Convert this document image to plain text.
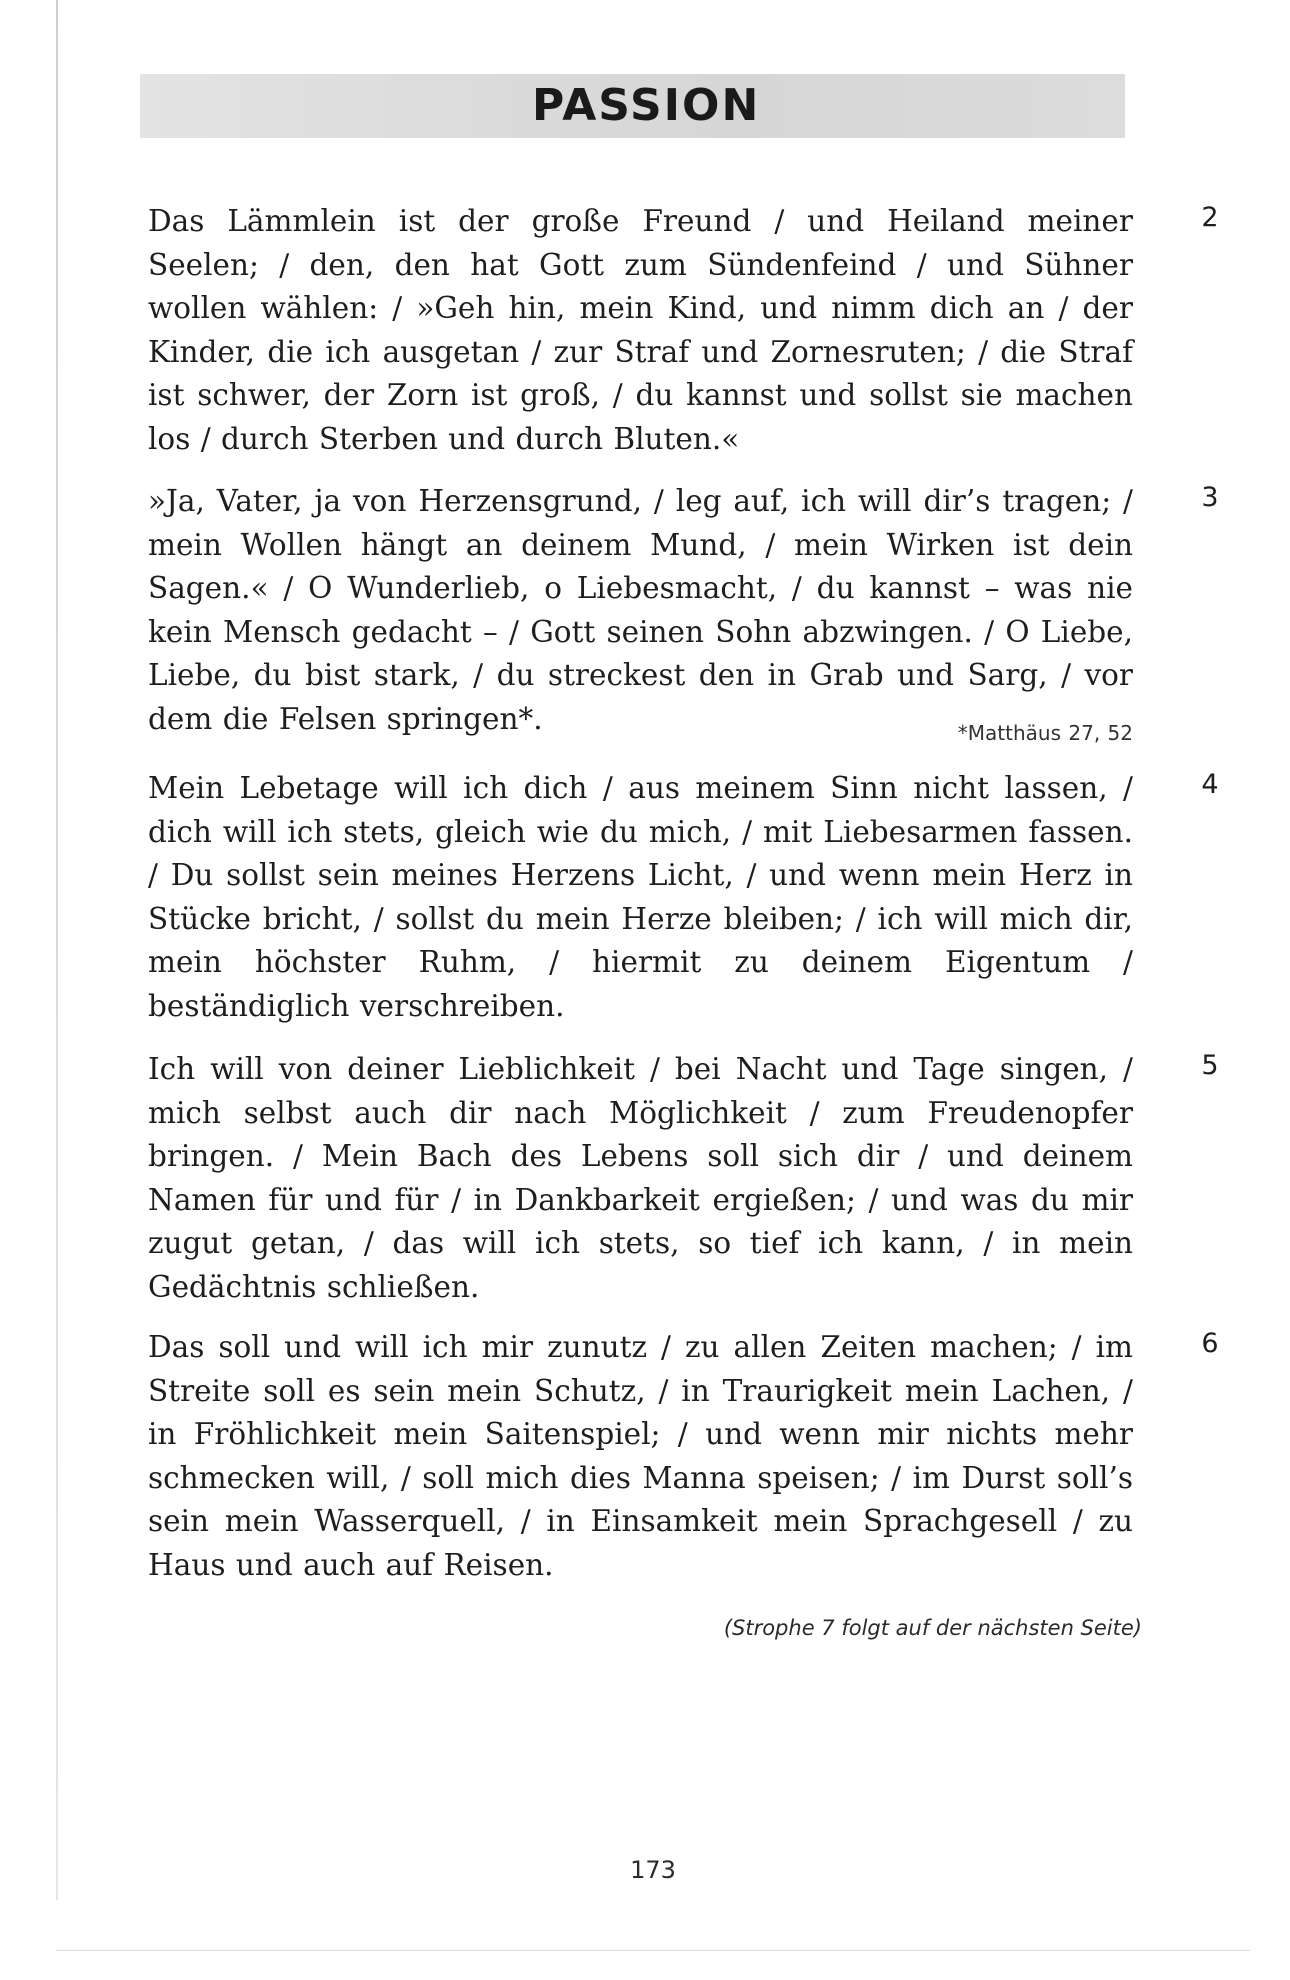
PASSION
Das Lämmlein ist der große Freund / und Heiland meiner Seelen; / den, den hat Gott zum Sündenfeind / und Sühner wollen wählen: / »Geh hin, mein Kind, und nimm dich an / der Kinder, die ich ausgetan / zur Straf und Zornesruten; / die Straf ist schwer, der Zorn ist groß, / du kannst und sollst sie machen los / durch Sterben und durch Bluten.«
2
»Ja, Vater, ja von Herzensgrund, / leg auf, ich will dir’s tragen; / mein Wollen hängt an deinem Mund, / mein Wirken ist dein Sagen.« / O Wunderlieb, o Liebesmacht, / du kannst – was nie kein Mensch gedacht – / Gott seinen Sohn abzwingen. / O Liebe, Liebe, du bist stark, / du streckest den in Grab und Sarg, / vor dem die Felsen springen*.	*Matthäus 27, 52
3
Mein Lebetage will ich dich / aus meinem Sinn nicht lassen, / dich will ich stets, gleich wie du mich, / mit Liebesarmen fassen. / Du sollst sein meines Herzens Licht, / und wenn mein Herz in Stücke bricht, / sollst du mein Herze bleiben; / ich will mich dir, mein höchster Ruhm, / hiermit zu deinem Eigentum / beständiglich verschreiben.
4
Ich will von deiner Lieblichkeit / bei Nacht und Tage singen, / mich selbst auch dir nach Möglichkeit / zum Freudenopfer bringen. / Mein Bach des Lebens soll sich dir / und deinem Namen für und für / in Dankbarkeit ergießen; / und was du mir zugut getan, / das will ich stets, so tief ich kann, / in mein Gedächtnis schließen.
5
Das soll und will ich mir zunutz / zu allen Zeiten machen; / im Streite soll es sein mein Schutz, / in Traurigkeit mein Lachen, / in Fröhlichkeit mein Saitenspiel; / und wenn mir nichts mehr schmecken will, / soll mich dies Manna speisen; / im Durst soll’s sein mein Wasserquell, / in Einsamkeit mein Sprachgesell / zu Haus und auch auf Reisen.
6
(Strophe 7 folgt auf der nächsten Seite)
173
